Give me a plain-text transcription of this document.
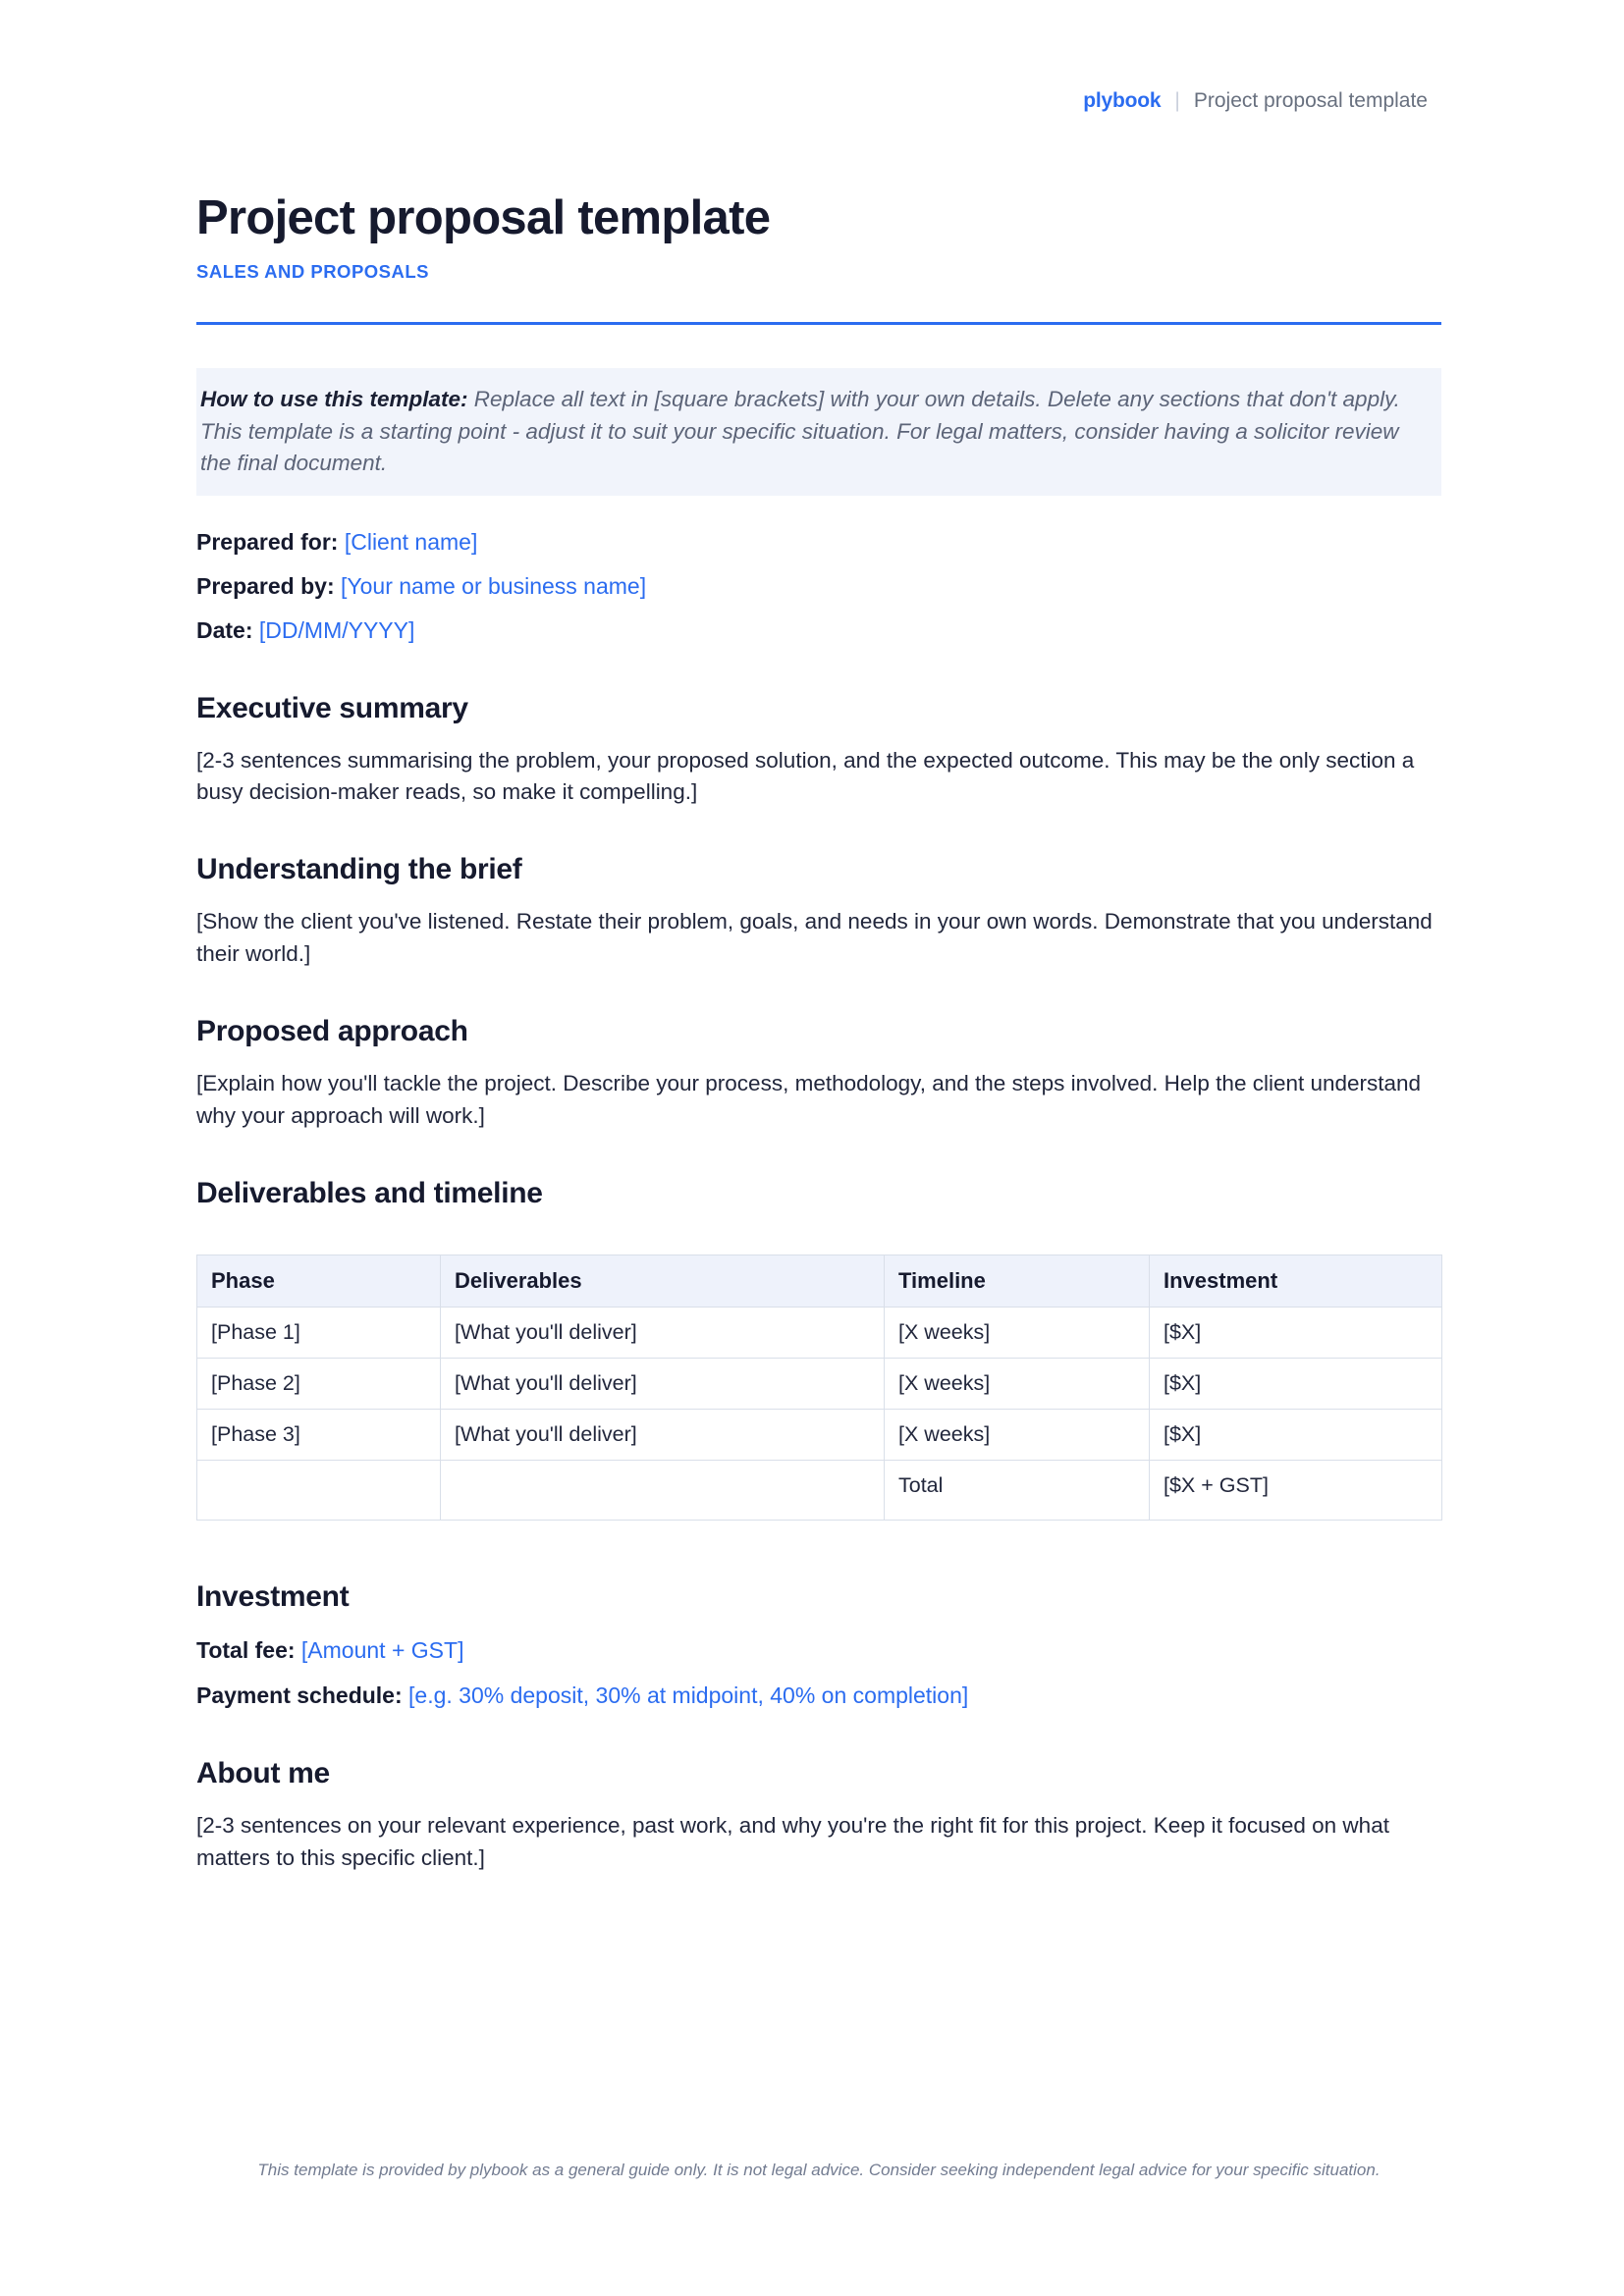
plybook | Project proposal template
Project proposal template
SALES AND PROPOSALS
How to use this template: Replace all text in [square brackets] with your own details. Delete any sections that don't apply. This template is a starting point - adjust it to suit your specific situation. For legal matters, consider having a solicitor review the final document.
Prepared for: [Client name]
Prepared by: [Your name or business name]
Date: [DD/MM/YYYY]
Executive summary

[2-3 sentences summarising the problem, your proposed solution, and the expected outcome. This may be the only section a busy decision-maker reads, so make it compelling.]

Understanding the brief

[Show the client you've listened. Restate their problem, goals, and needs in your own words. Demonstrate that you understand their world.]

Proposed approach

[Explain how you'll tackle the project. Describe your process, methodology, and the steps involved. Help the client understand why your approach will work.]

Deliverables and timeline
Phase	Deliverables	Timeline	Investment
[Phase 1]	[What you'll deliver]	[X weeks]	[$X]
[Phase 2]	[What you'll deliver]	[X weeks]	[$X]
[Phase 3]	[What you'll deliver]	[X weeks]	[$X]
		Total	[$X + GST]
Investment
Total fee: [Amount + GST]
Payment schedule: [e.g. 30% deposit, 30% at midpoint, 40% on completion]
About me

[2-3 sentences on your relevant experience, past work, and why you're the right fit for this project. Keep it focused on what matters to this specific client.]

This template is provided by plybook as a general guide only. It is not legal advice. Consider seeking independent legal advice for your specific situation.
